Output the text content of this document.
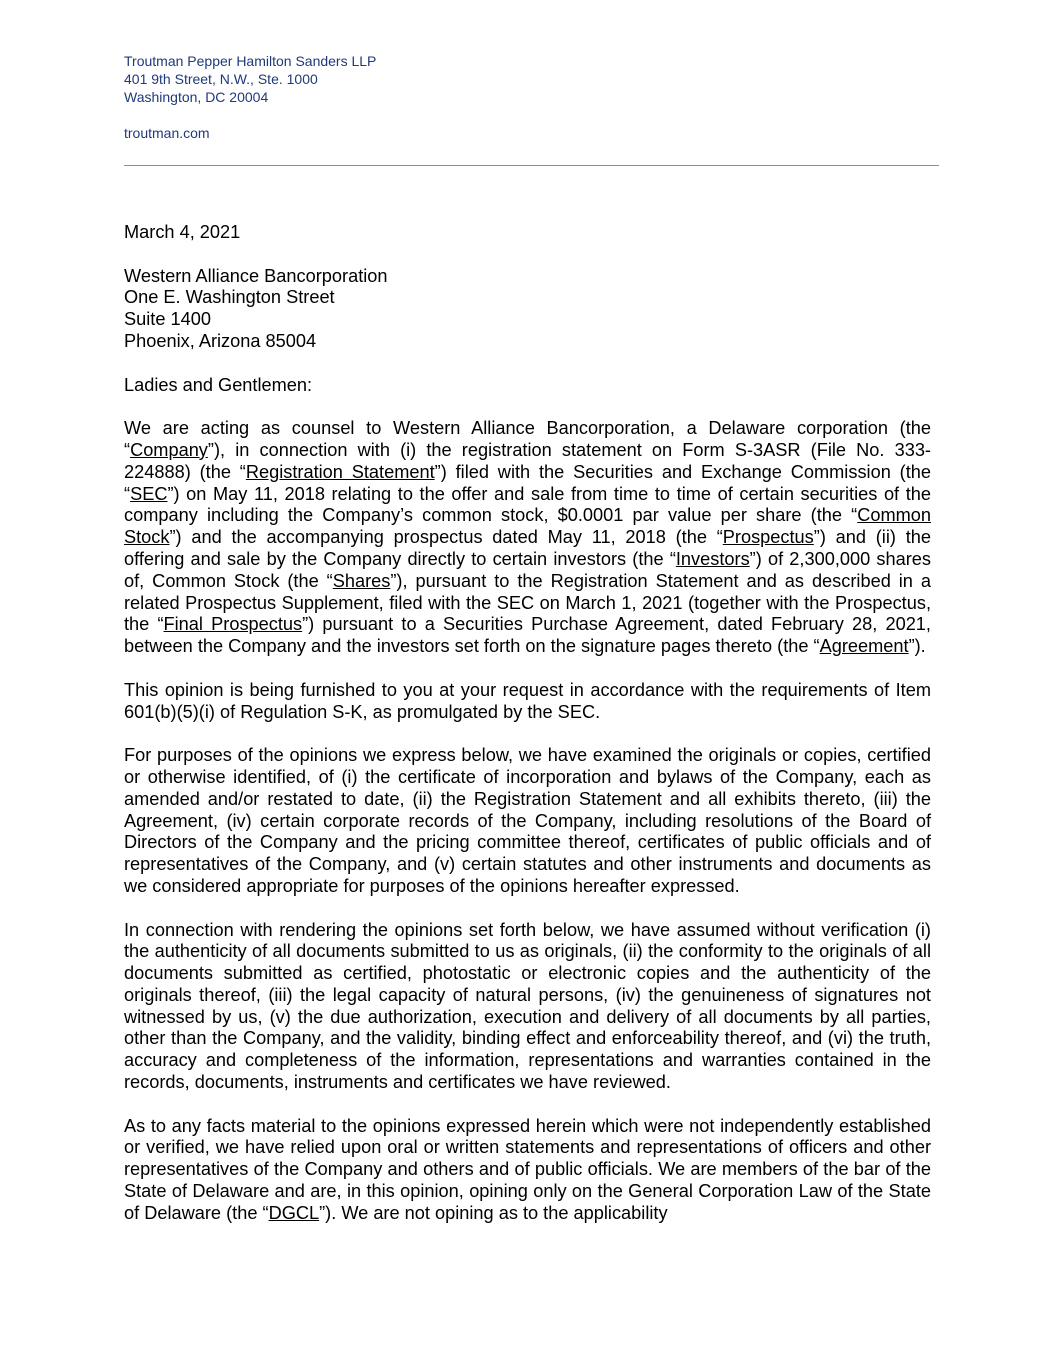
Troutman Pepper Hamilton Sanders LLP
401 9th Street, N.W., Ste. 1000
Washington, DC 20004
troutman.com

March 4, 2021

Western Alliance Bancorporation
One E. Washington Street
Suite 1400
Phoenix, Arizona 85004

Ladies and Gentlemen:

We are acting as counsel to Western Alliance Bancorporation, a Delaware corporation (the “Company”), in connection with (i) the registration statement on Form S-3ASR (File No. 333-224888) (the “Registration Statement”) filed with the Securities and Exchange Commission (the “SEC”) on May 11, 2018 relating to the offer and sale from time to time of certain securities of the company including the Company’s common stock, $0.0001 par value per share (the “Common Stock”) and the accompanying prospectus dated May 11, 2018 (the “Prospectus”) and (ii) the offering and sale by the Company directly to certain investors (the “Investors”) of 2,300,000 shares of, Common Stock (the “Shares”), pursuant to the Registration Statement and as described in a related Prospectus Supplement, filed with the SEC on March 1, 2021 (together with the Prospectus, the “Final Prospectus”) pursuant to a Securities Purchase Agreement, dated February 28, 2021, between the Company and the investors set forth on the signature pages thereto (the “Agreement”).

This opinion is being furnished to you at your request in accordance with the requirements of Item 601(b)(5)(i) of Regulation S-K, as promulgated by the SEC.

For purposes of the opinions we express below, we have examined the originals or copies, certified or otherwise identified, of (i) the certificate of incorporation and bylaws of the Company, each as amended and/or restated to date, (ii) the Registration Statement and all exhibits thereto, (iii) the Agreement, (iv) certain corporate records of the Company, including resolutions of the Board of Directors of the Company and the pricing committee thereof, certificates of public officials and of representatives of the Company, and (v) certain statutes and other instruments and documents as we considered appropriate for purposes of the opinions hereafter expressed.

In connection with rendering the opinions set forth below, we have assumed without verification (i) the authenticity of all documents submitted to us as originals, (ii) the conformity to the originals of all documents submitted as certified, photostatic or electronic copies and the authenticity of the originals thereof, (iii) the legal capacity of natural persons, (iv) the genuineness of signatures not witnessed by us, (v) the due authorization, execution and delivery of all documents by all parties, other than the Company, and the validity, binding effect and enforceability thereof, and (vi) the truth, accuracy and completeness of the information, representations and warranties contained in the records, documents, instruments and certificates we have reviewed.

As to any facts material to the opinions expressed herein which were not independently established or verified, we have relied upon oral or written statements and representations of officers and other representatives of the Company and others and of public officials. We are members of the bar of the State of Delaware and are, in this opinion, opining only on the General Corporation Law of the State of Delaware (the “DGCL”). We are not opining as to the applicability
